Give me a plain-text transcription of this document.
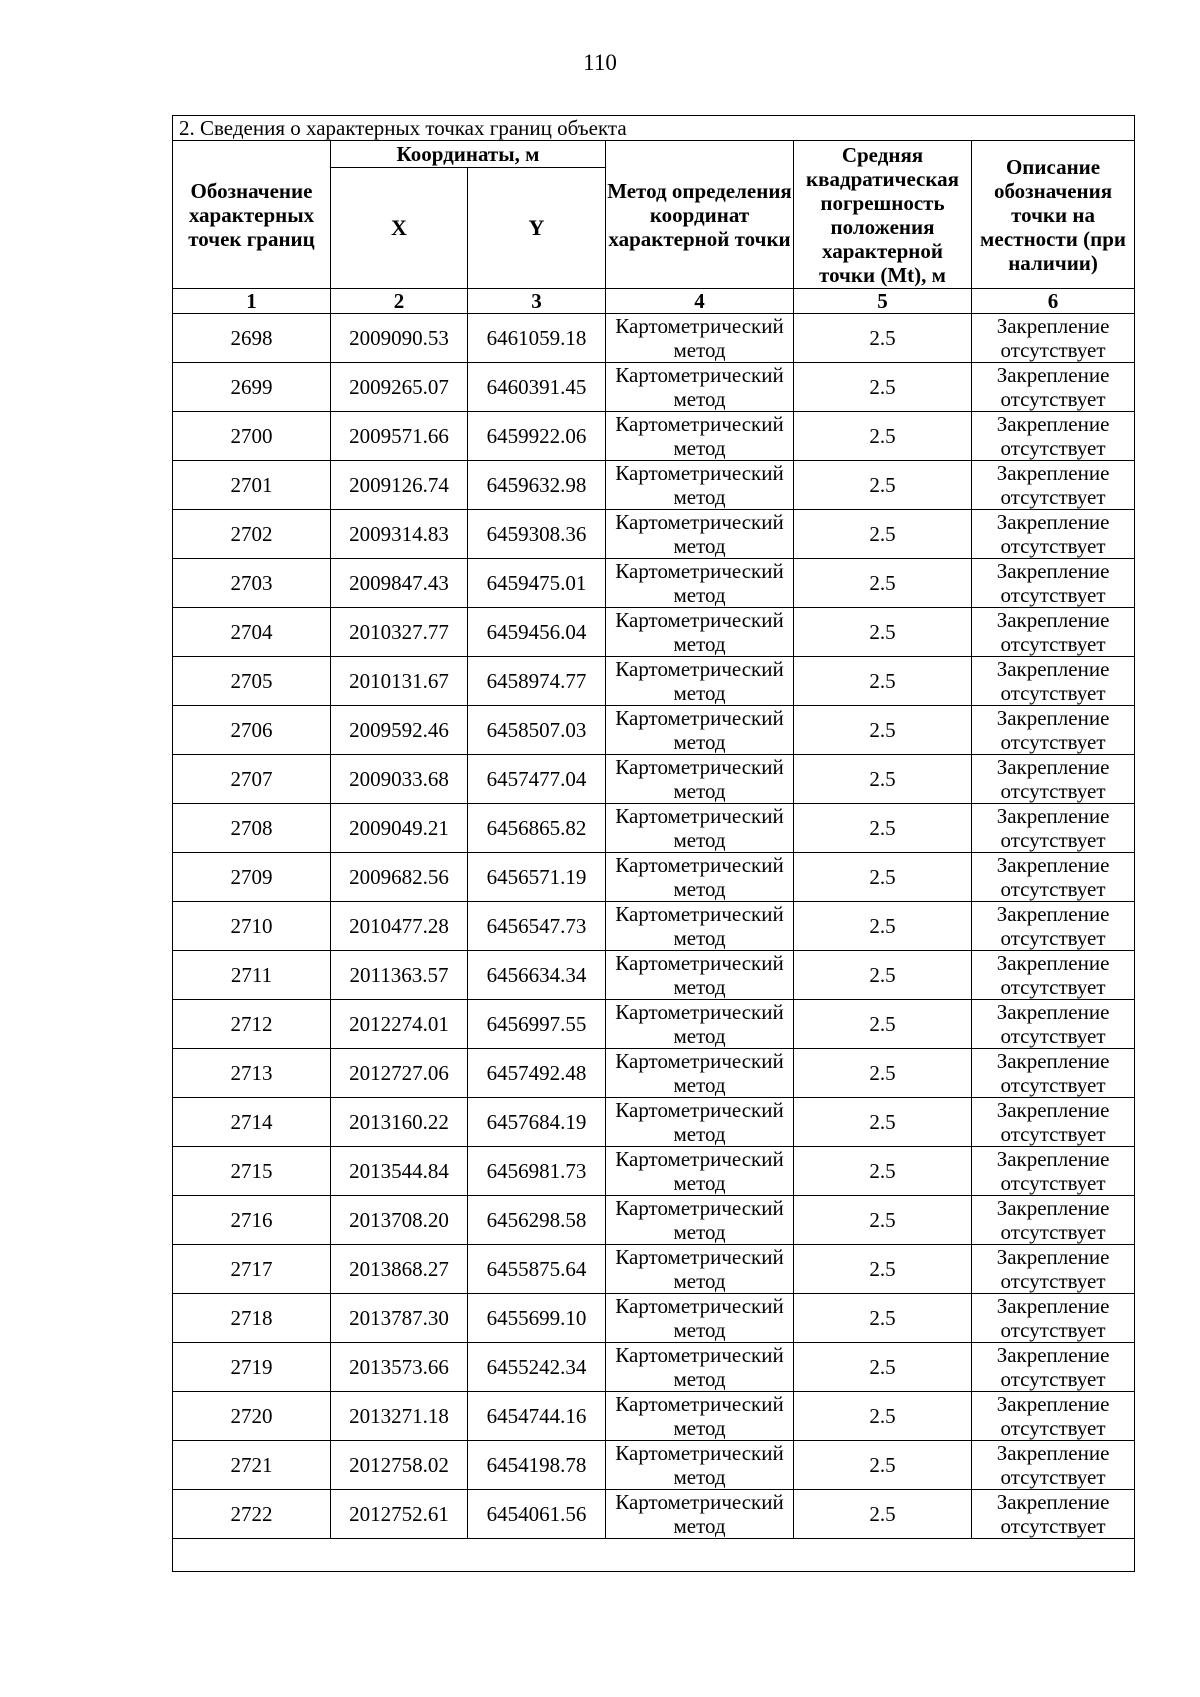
110
2. Сведения о характерных точках границ объекта					
Обозначение характерных точек границ	Координаты, м		Метод определения координат характерной точки	Средняя квадратическая погрешность положения характерной точки (Mt), м	Описание обозначения точки на местности (при наличии)
	X	Y			
1	2	3	4	5	6
2698	2009090.53	6461059.18	Картометрический метод	2.5	Закрепление отсутствует
2699	2009265.07	6460391.45	Картометрический метод	2.5	Закрепление отсутствует
2700	2009571.66	6459922.06	Картометрический метод	2.5	Закрепление отсутствует
2701	2009126.74	6459632.98	Картометрический метод	2.5	Закрепление отсутствует
2702	2009314.83	6459308.36	Картометрический метод	2.5	Закрепление отсутствует
2703	2009847.43	6459475.01	Картометрический метод	2.5	Закрепление отсутствует
2704	2010327.77	6459456.04	Картометрический метод	2.5	Закрепление отсутствует
2705	2010131.67	6458974.77	Картометрический метод	2.5	Закрепление отсутствует
2706	2009592.46	6458507.03	Картометрический метод	2.5	Закрепление отсутствует
2707	2009033.68	6457477.04	Картометрический метод	2.5	Закрепление отсутствует
2708	2009049.21	6456865.82	Картометрический метод	2.5	Закрепление отсутствует
2709	2009682.56	6456571.19	Картометрический метод	2.5	Закрепление отсутствует
2710	2010477.28	6456547.73	Картометрический метод	2.5	Закрепление отсутствует
2711	2011363.57	6456634.34	Картометрический метод	2.5	Закрепление отсутствует
2712	2012274.01	6456997.55	Картометрический метод	2.5	Закрепление отсутствует
2713	2012727.06	6457492.48	Картометрический метод	2.5	Закрепление отсутствует
2714	2013160.22	6457684.19	Картометрический метод	2.5	Закрепление отсутствует
2715	2013544.84	6456981.73	Картометрический метод	2.5	Закрепление отсутствует
2716	2013708.20	6456298.58	Картометрический метод	2.5	Закрепление отсутствует
2717	2013868.27	6455875.64	Картометрический метод	2.5	Закрепление отсутствует
2718	2013787.30	6455699.10	Картометрический метод	2.5	Закрепление отсутствует
2719	2013573.66	6455242.34	Картометрический метод	2.5	Закрепление отсутствует
2720	2013271.18	6454744.16	Картометрический метод	2.5	Закрепление отсутствует
2721	2012758.02	6454198.78	Картометрический метод	2.5	Закрепление отсутствует
2722	2012752.61	6454061.56	Картометрический метод	2.5	Закрепление отсутствует
